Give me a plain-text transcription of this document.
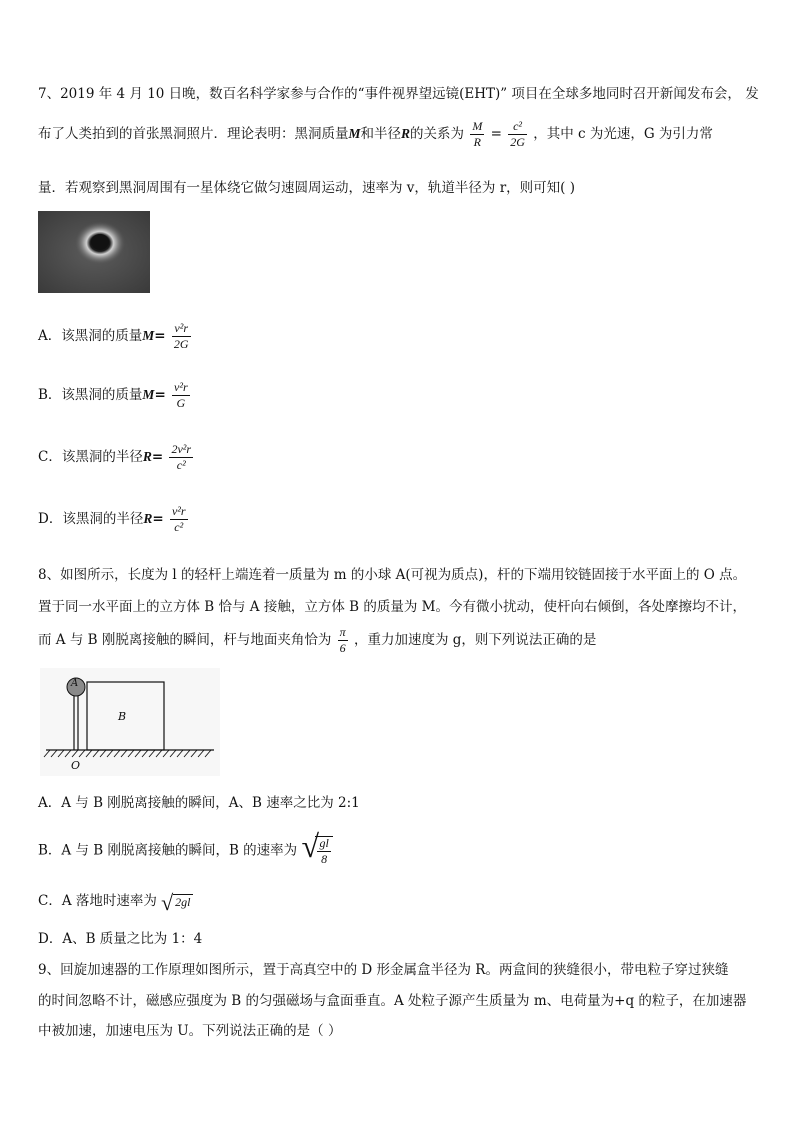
7、2019 年 4 月 10 日晚，数百名科学家参与合作的“事件视界望远镜(EHT)” 项目在全球多地同时召开新闻发布会， 发
布了人类拍到的首张黑洞照片．理论表明：黑洞质量M和半径R的关系为 $\frac{M}{R} = \frac{\text{c²}}{2G}$ ，其中 c 为光速，G 为引力常
量．若观察到黑洞周围有一星体绕它做匀速圆周运动，速率为 v，轨道半径为 r，则可知( )
A．该黑洞的质量$M= \frac{\text{v²r}}{2G}$
B．该黑洞的质量$M= \frac{\text{v²r}}{G}$
C．该黑洞的半径$R= \frac{\text{2v²r}}{\text{c²}}$
D．该黑洞的半径$R= \frac{\text{v²r}}{\text{c²}}$
8、如图所示，长度为 l 的轻杆上端连着一质量为 m 的小球 A(可视为质点)，杆的下端用铰链固接于水平面上的 O 点。
置于同一水平面上的立方体 B 恰与 A 接触，立方体 B 的质量为 M。今有微小扰动，使杆向右倾倒，各处摩擦均不计，
而 A 与 B 刚脱离接触的瞬间，杆与地面夹角恰为 $\frac{\pi}{6}$ ，重力加速度为 g，则下列说法正确的是
A
B
O
A．A 与 B 刚脱离接触的瞬间，A、B 速率之比为 2:1
B．A 与 B 刚脱离接触的瞬间，B 的速率为 √
$\frac{gl}{8}$
C．A 落地时速率为 √ 2gl
D．A、B 质量之比为 1：4
9、回旋加速器的工作原理如图所示，置于高真空中的 D 形金属盒半径为 R。两盒间的狭缝很小，带电粒子穿过狭缝
的时间忽略不计，磁感应强度为 B 的匀强磁场与盒面垂直。A 处粒子源产生质量为 m、电荷量为+q 的粒子，在加速器
中被加速，加速电压为 U。下列说法正确的是（ ）
